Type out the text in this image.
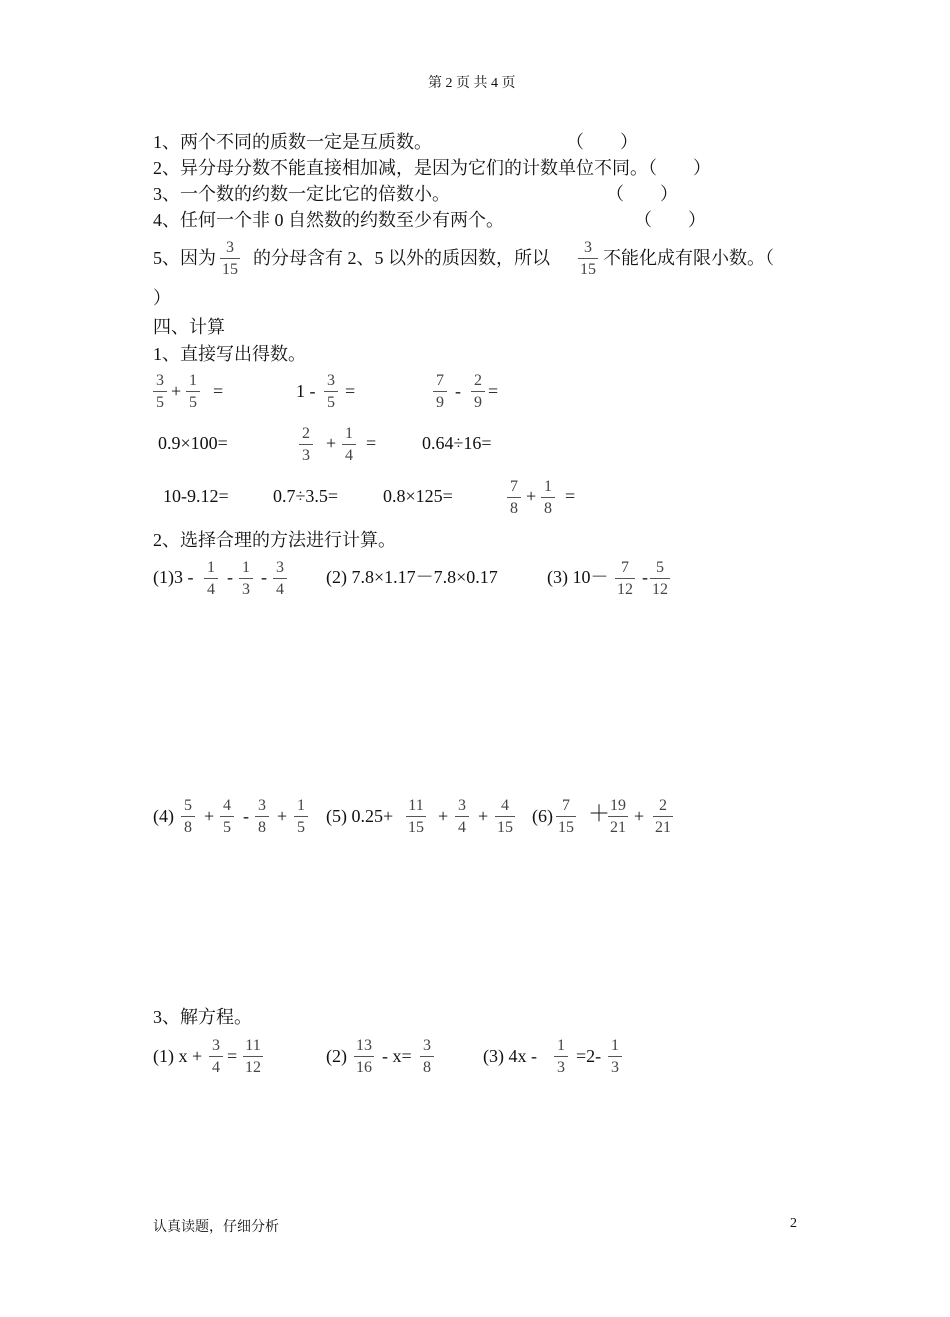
第 2 页 共 4 页
1、两个不同的质数一定是互质数。	（　　）
2、异分母分数不能直接相加减，是因为它们的计数单位不同。（　　）
3、一个数的约数一定比它的倍数小。	（　　）
4、任何一个非 0 自然数的约数至少有两个。	（　　）
5、因为
3
15
的分母含有 2、5 以外的质因数，所以
3
15
不能化成有限小数。（
）
四、计算
1、直接写出得数。
3
5
+
1
5
=	1 -
3
5
=
7
9
-
2
9
=
0.9×100=	2
3
+ 1
4
=	0.64÷16=
10-9.12= 0.7÷3.5= 0.8×125=	7
8
+ 1
8
=
2、选择合理的方法进行计算。
(1)3 - 1
4
- 1
3
- 3
4
(2) 7.8×1.17－7.8×0.17	(3) 10－ 7
12
- 5
12
(4)
5
8
+
4
5
-
3
8
+
1
5
(5) 0.25+
11
15
+
3
4
+
4
15
(6)
7
15
＋ 19
21
+
2
21
3、解方程。
(1) x +
3
4
=
11
12
(2)
13
16
- x=
3
8
(3) 4x -
1
3
=2-
1
3
认真读题，仔细分析	2
